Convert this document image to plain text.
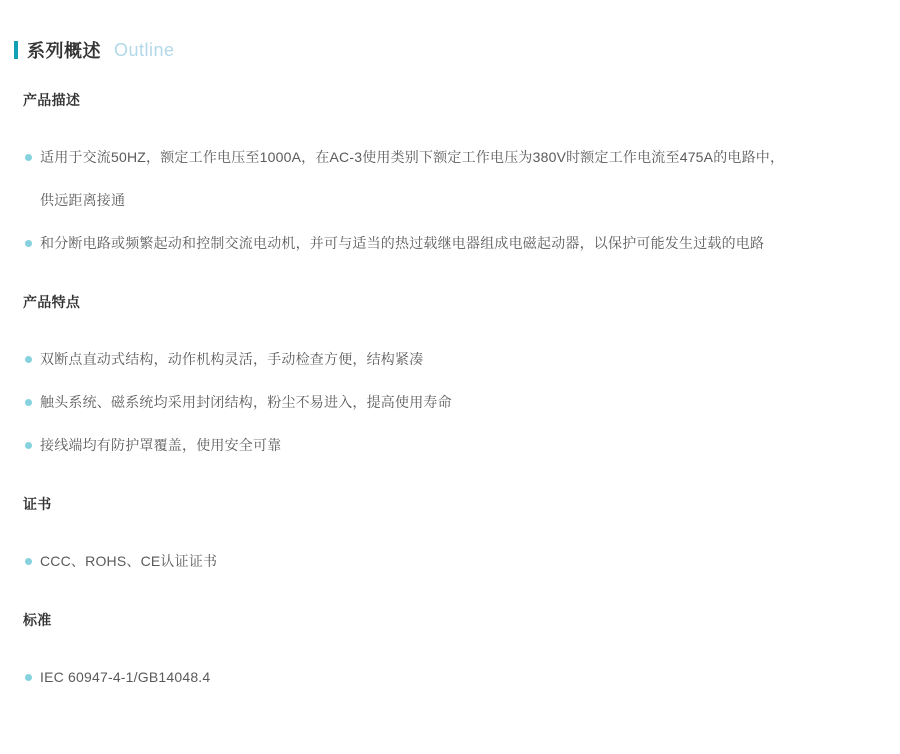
系列概述 Outline
产品描述
适用于交流50HZ，额定工作电压至1000A，在AC-3使用类别下额定工作电压为380V时额定工作电流至475A的电路中，
供远距离接通
和分断电路或频繁起动和控制交流电动机，并可与适当的热过载继电器组成电磁起动器，以保护可能发生过载的电路
产品特点
双断点直动式结构，动作机构灵活，手动检查方便，结构紧凑
触头系统、磁系统均采用封闭结构，粉尘不易进入，提高使用寿命
接线端均有防护罩覆盖，使用安全可靠
证书
CCC、ROHS、CE认证证书
标准
IEC 60947-4-1/GB14048.4
